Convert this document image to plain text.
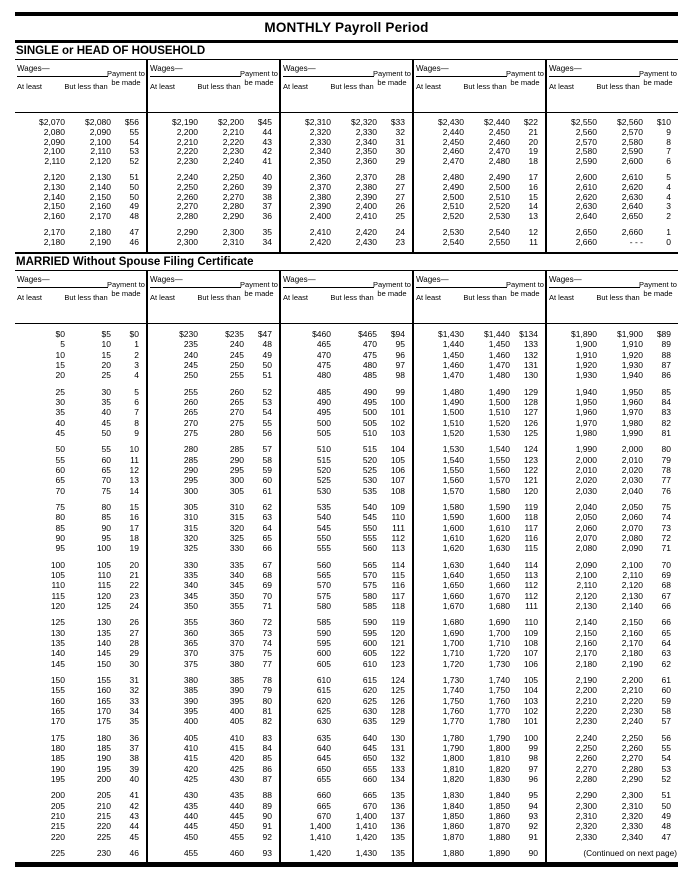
MONTHLY Payroll Period
SINGLE or HEAD OF HOUSEHOLD
Wages—
At least	But less than
Payment to be made
$2,070	$2,080	$56
2,080	2,090	55
2,090	2,100	54
2,100	2,110	53
2,110	2,120	52
2,120	2,130	51
2,130	2,140	50
2,140	2,150	50
2,150	2,160	49
2,160	2,170	48
2,170	2,180	47
2,180	2,190	46
Wages—
At least	But less than
Payment to be made
$2,190	$2,200	$45
2,200	2,210	44
2,210	2,220	43
2,220	2,230	42
2,230	2,240	41
2,240	2,250	40
2,250	2,260	39
2,260	2,270	38
2,270	2,280	37
2,280	2,290	36
2,290	2,300	35
2,300	2,310	34
Wages—
At least	But less than
Payment to be made
$2,310	$2,320	$33
2,320	2,330	32
2,330	2,340	31
2,340	2,350	30
2,350	2,360	29
2,360	2,370	28
2,370	2,380	27
2,380	2,390	27
2,390	2,400	26
2,400	2,410	25
2,410	2,420	24
2,420	2,430	23
Wages—
At least	But less than
Payment to be made
$2,430	$2,440	$22
2,440	2,450	21
2,450	2,460	20
2,460	2,470	19
2,470	2,480	18
2,480	2,490	17
2,490	2,500	16
2,500	2,510	15
2,510	2,520	14
2,520	2,530	13
2,530	2,540	12
2,540	2,550	11
Wages—
At least	But less than
Payment to be made
$2,550	$2,560	$10
2,560	2,570	9
2,570	2,580	8
2,580	2,590	7
2,590	2,600	6
2,600	2,610	5
2,610	2,620	4
2,620	2,630	4
2,630	2,640	3
2,640	2,650	2
2,650	2,660	1
2,660	- - -	0
MARRIED Without Spouse Filing Certificate
Wages—
At least	But less than
Payment to be made
$0	$5	$0
5	10	1
10	15	2
15	20	3
20	25	4
25	30	5
30	35	6
35	40	7
40	45	8
45	50	9
50	55	10
55	60	11
60	65	12
65	70	13
70	75	14
75	80	15
80	85	16
85	90	17
90	95	18
95	100	19
100	105	20
105	110	21
110	115	22
115	120	23
120	125	24
125	130	26
130	135	27
135	140	28
140	145	29
145	150	30
150	155	31
155	160	32
160	165	33
165	170	34
170	175	35
175	180	36
180	185	37
185	190	38
190	195	39
195	200	40
200	205	41
205	210	42
210	215	43
215	220	44
220	225	45
225	230	46
Wages—
At least	But less than
Payment to be made
$230	$235	$47
235	240	48
240	245	49
245	250	50
250	255	51
255	260	52
260	265	53
265	270	54
270	275	55
275	280	56
280	285	57
285	290	58
290	295	59
295	300	60
300	305	61
305	310	62
310	315	63
315	320	64
320	325	65
325	330	66
330	335	67
335	340	68
340	345	69
345	350	70
350	355	71
355	360	72
360	365	73
365	370	74
370	375	75
375	380	77
380	385	78
385	390	79
390	395	80
395	400	81
400	405	82
405	410	83
410	415	84
415	420	85
420	425	86
425	430	87
430	435	88
435	440	89
440	445	90
445	450	91
450	455	92
455	460	93
Wages—
At least	But less than
Payment to be made
$460	$465	$94
465	470	95
470	475	96
475	480	97
480	485	98
485	490	99
490	495	100
495	500	101
500	505	102
505	510	103
510	515	104
515	520	105
520	525	106
525	530	107
530	535	108
535	540	109
540	545	110
545	550	111
550	555	112
555	560	113
560	565	114
565	570	115
570	575	116
575	580	117
580	585	118
585	590	119
590	595	120
595	600	121
600	605	122
605	610	123
610	615	124
615	620	125
620	625	126
625	630	128
630	635	129
635	640	130
640	645	131
645	650	132
650	655	133
655	660	134
660	665	135
665	670	136
670	1,400	137
1,400	1,410	136
1,410	1,420	135
1,420	1,430	135
Wages—
At least	But less than
Payment to be made
$1,430	$1,440	$134
1,440	1,450	133
1,450	1,460	132
1,460	1,470	131
1,470	1,480	130
1,480	1,490	129
1,490	1,500	128
1,500	1,510	127
1,510	1,520	126
1,520	1,530	125
1,530	1,540	124
1,540	1,550	123
1,550	1,560	122
1,560	1,570	121
1,570	1,580	120
1,580	1,590	119
1,590	1,600	118
1,600	1,610	117
1,610	1,620	116
1,620	1,630	115
1,630	1,640	114
1,640	1,650	113
1,650	1,660	112
1,660	1,670	112
1,670	1,680	111
1,680	1,690	110
1,690	1,700	109
1,700	1,710	108
1,710	1,720	107
1,720	1,730	106
1,730	1,740	105
1,740	1,750	104
1,750	1,760	103
1,760	1,770	102
1,770	1,780	101
1,780	1,790	100
1,790	1,800	99
1,800	1,810	98
1,810	1,820	97
1,820	1,830	96
1,830	1,840	95
1,840	1,850	94
1,850	1,860	93
1,860	1,870	92
1,870	1,880	91
1,880	1,890	90
Wages—
At least	But less than
Payment to be made
$1,890	$1,900	$89
1,900	1,910	89
1,910	1,920	88
1,920	1,930	87
1,930	1,940	86
1,940	1,950	85
1,950	1,960	84
1,960	1,970	83
1,970	1,980	82
1,980	1,990	81
1,990	2,000	80
2,000	2,010	79
2,010	2,020	78
2,020	2,030	77
2,030	2,040	76
2,040	2,050	75
2,050	2,060	74
2,060	2,070	73
2,070	2,080	72
2,080	2,090	71
2,090	2,100	70
2,100	2,110	69
2,110	2,120	68
2,120	2,130	67
2,130	2,140	66
2,140	2,150	66
2,150	2,160	65
2,160	2,170	64
2,170	2,180	63
2,180	2,190	62
2,190	2,200	61
2,200	2,210	60
2,210	2,220	59
2,220	2,230	58
2,230	2,240	57
2,240	2,250	56
2,250	2,260	55
2,260	2,270	54
2,270	2,280	53
2,280	2,290	52
2,290	2,300	51
2,300	2,310	50
2,310	2,320	49
2,320	2,330	48
2,330	2,340	47
(Continued on next page)
